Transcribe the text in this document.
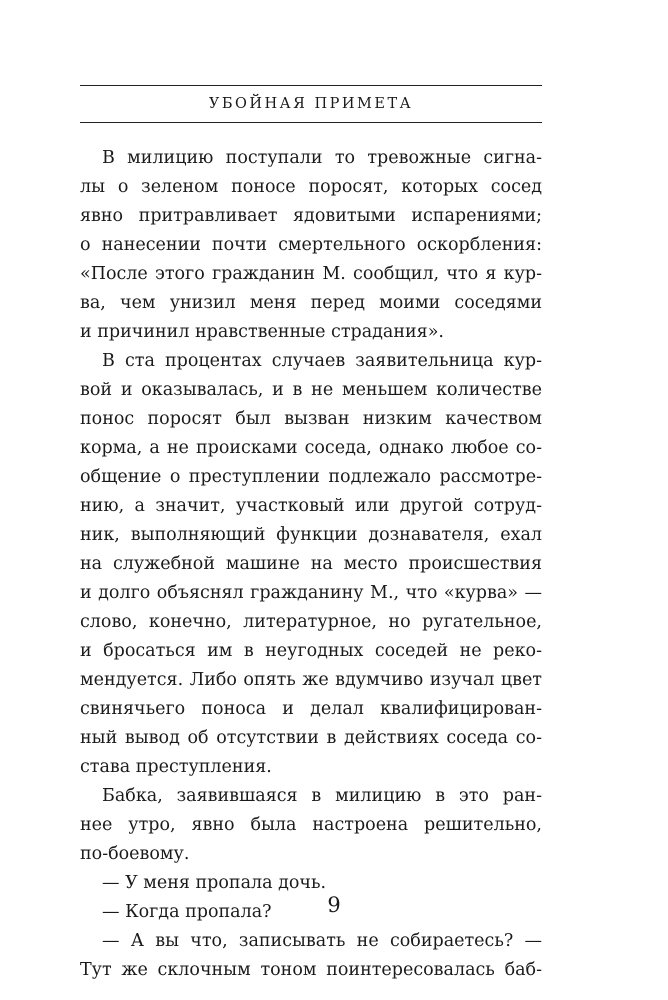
УБОЙНАЯ ПРИМЕТА
В милицию поступали то тревожные сигна-
лы о зеленом поносе поросят, которых сосед
явно притравливает ядовитыми испарениями;
о нанесении почти смертельного оскорбления:
«После этого гражданин М. сообщил, что я кур-
ва, чем унизил меня перед моими соседями
и причинил нравственные страдания».
В ста процентах случаев заявительница кур-
вой и оказывалась, и в не меньшем количестве
понос поросят был вызван низким качеством
корма, а не происками соседа, однако любое со-
общение о преступлении подлежало рассмотре-
нию, а значит, участковый или другой сотруд-
ник, выполняющий функции дознавателя, ехал
на служебной машине на место происшествия
и долго объяснял гражданину М., что «курва» —
слово, конечно, литературное, но ругательное,
и бросаться им в неугодных соседей не реко-
мендуется. Либо опять же вдумчиво изучал цвет
свинячьего поноса и делал квалифицирован-
ный вывод об отсутствии в действиях соседа со-
става преступления.
Бабка, заявившаяся в милицию в это ран-
нее утро, явно была настроена решительно,
по-боевому.
— У меня пропала дочь.
— Когда пропала?
— А вы что, записывать не собираетесь? —
Тут же склочным тоном поинтересовалась баб-
9
